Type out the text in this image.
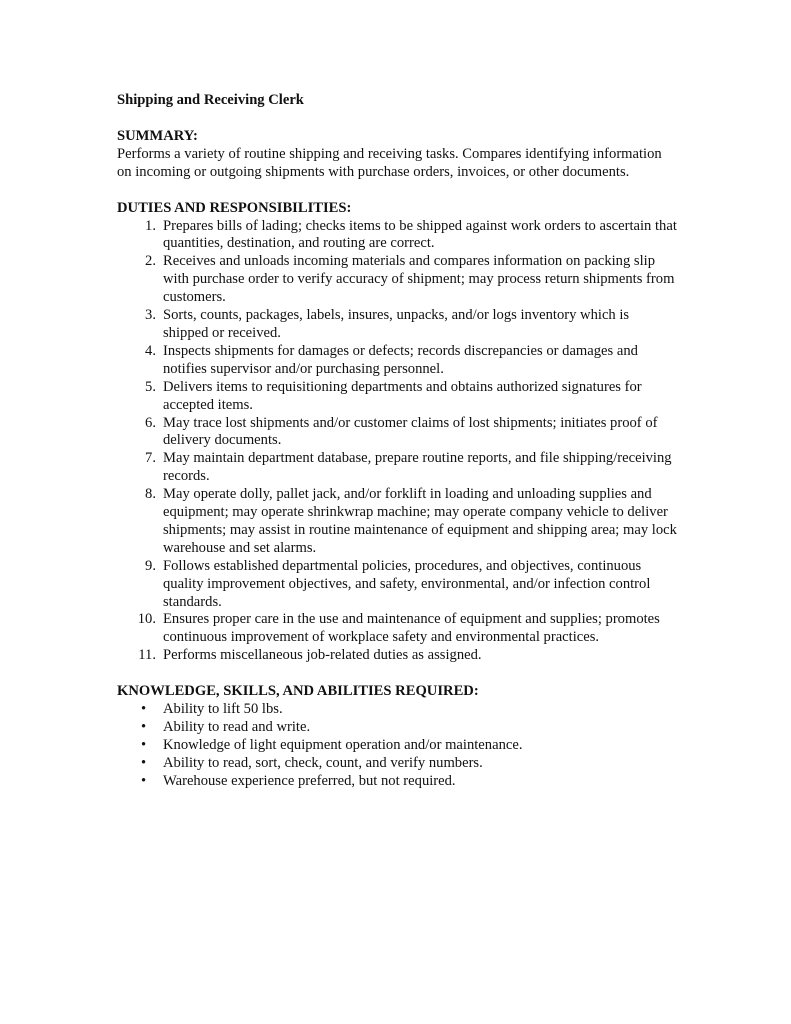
Shipping and Receiving Clerk

SUMMARY:

Performs a variety of routine shipping and receiving tasks. Compares identifying information on incoming or outgoing shipments with purchase orders, invoices, or other documents.

DUTIES AND RESPONSIBILITIES:

1. Prepares bills of lading; checks items to be shipped against work orders to ascertain that quantities, destination, and routing are correct.
2. Receives and unloads incoming materials and compares information on packing slip with purchase order to verify accuracy of shipment; may process return shipments from customers.
3. Sorts, counts, packages, labels, insures, unpacks, and/or logs inventory which is shipped or received.
4. Inspects shipments for damages or defects; records discrepancies or damages and notifies supervisor and/or purchasing personnel.
5. Delivers items to requisitioning departments and obtains authorized signatures for accepted items.
6. May trace lost shipments and/or customer claims of lost shipments; initiates proof of delivery documents.
7. May maintain department database, prepare routine reports, and file shipping/receiving records.
8. May operate dolly, pallet jack, and/or forklift in loading and unloading supplies and equipment; may operate shrinkwrap machine; may operate company vehicle to deliver shipments; may assist in routine maintenance of equipment and shipping area; may lock warehouse and set alarms.
9. Follows established departmental policies, procedures, and objectives, continuous quality improvement objectives, and safety, environmental, and/or infection control standards.
10. Ensures proper care in the use and maintenance of equipment and supplies; promotes continuous improvement of workplace safety and environmental practices.
11. Performs miscellaneous job-related duties as assigned.

KNOWLEDGE, SKILLS, AND ABILITIES REQUIRED:

• Ability to lift 50 lbs.
• Ability to read and write.
• Knowledge of light equipment operation and/or maintenance.
• Ability to read, sort, check, count, and verify numbers.
• Warehouse experience preferred, but not required.
